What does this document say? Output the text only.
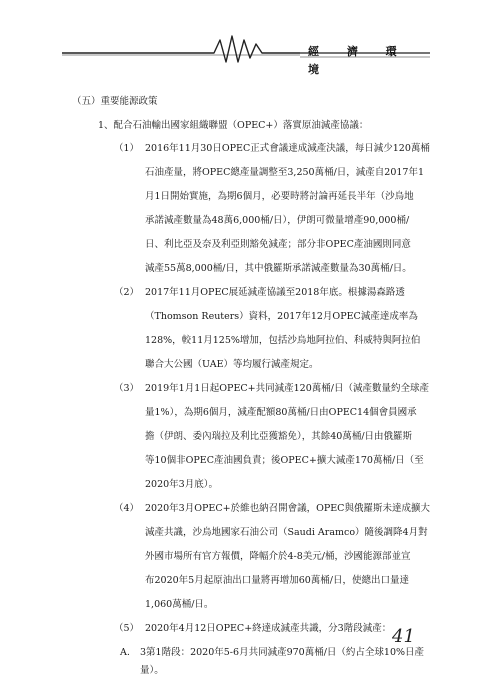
經 濟 環 境
（五）重要能源政策
1、配合石油輸出國家組織聯盟（OPEC+）落實原油減產協議：
（1） 2016年11月30日OPEC正式會議達成減產決議，每日減少120萬桶
石油產量，將OPEC總產量調整至3,250萬桶/日，減產自2017年1
月1日開始實施，為期6個月，必要時將討論再延長半年（沙烏地
承諾減產數量為48萬6,000桶/日），伊朗可微量增產90,000桶/
日、利比亞及奈及利亞則豁免減產；部分非OPEC產油國則同意
減產55萬8,000桶/日，其中俄羅斯承諾減產數量為30萬桶/日。
（2） 2017年11月OPEC展延減產協議至2018年底。根據湯森路透
（Thomson Reuters）資料，2017年12月OPEC減產達成率為
128%，較11月125%增加，包括沙烏地阿拉伯、科威特與阿拉伯
聯合大公國（UAE）等均履行減產規定。
（3） 2019年1月1日起OPEC+共同減產120萬桶/日（減產數量約全球產
量1%），為期6個月，減產配額80萬桶/日由OPEC14個會員國承
擔（伊朗、委內瑞拉及利比亞獲豁免），其餘40萬桶/日由俄羅斯
等10個非OPEC產油國負責；後OPEC+擴大減產170萬桶/日（至
2020年3月底）。
（4） 2020年3月OPEC+於維也納召開會議，OPEC與俄羅斯未達成擴大
減產共識，沙烏地國家石油公司（Saudi Aramco）隨後調降4月對
外國市場所有官方報價，降幅介於4-8美元/桶，沙國能源部並宣
布2020年5月起原油出口量將再增加60萬桶/日，使總出口量達
1,060萬桶/日。
（5） 2020年4月12日OPEC+終達成減產共識，分3階段減產：
A. 3第1階段：2020年5-6月共同減產970萬桶/日（約占全球10%日產
量）。
41
